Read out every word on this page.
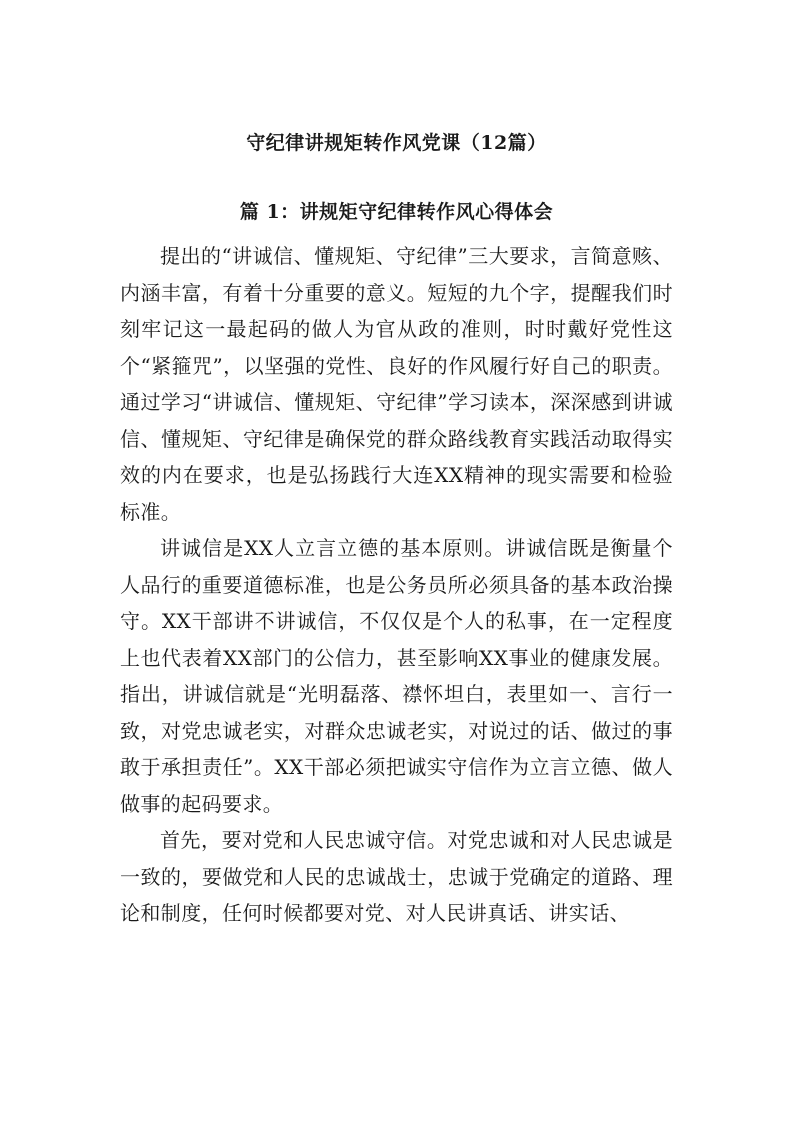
守纪律讲规矩转作风党课（12篇）
篇 1：讲规矩守纪律转作风心得体会

提出的“讲诚信、懂规矩、守纪律”三大要求，言简意赅、内涵丰富，有着十分重要的意义。短短的九个字，提醒我们时刻牢记这一最起码的做人为官从政的准则，时时戴好党性这个“紧箍咒”，以坚强的党性、良好的作风履行好自己的职责。通过学习“讲诚信、懂规矩、守纪律”学习读本，深深感到讲诚信、懂规矩、守纪律是确保党的群众路线教育实践活动取得实效的内在要求，也是弘扬践行大连XX精神的现实需要和检验标准。

讲诚信是XX人立言立德的基本原则。讲诚信既是衡量个人品行的重要道德标准，也是公务员所必须具备的基本政治操守。XX干部讲不讲诚信，不仅仅是个人的私事，在一定程度上也代表着XX部门的公信力，甚至影响XX事业的健康发展。指出，讲诚信就是“光明磊落、襟怀坦白，表里如一、言行一致，对党忠诚老实，对群众忠诚老实，对说过的话、做过的事敢于承担责任”。XX干部必须把诚实守信作为立言立德、做人做事的起码要求。

首先，要对党和人民忠诚守信。对党忠诚和对人民忠诚是一致的，要做党和人民的忠诚战士，忠诚于党确定的道路、理论和制度，任何时候都要对党、对人民讲真话、讲实话、
